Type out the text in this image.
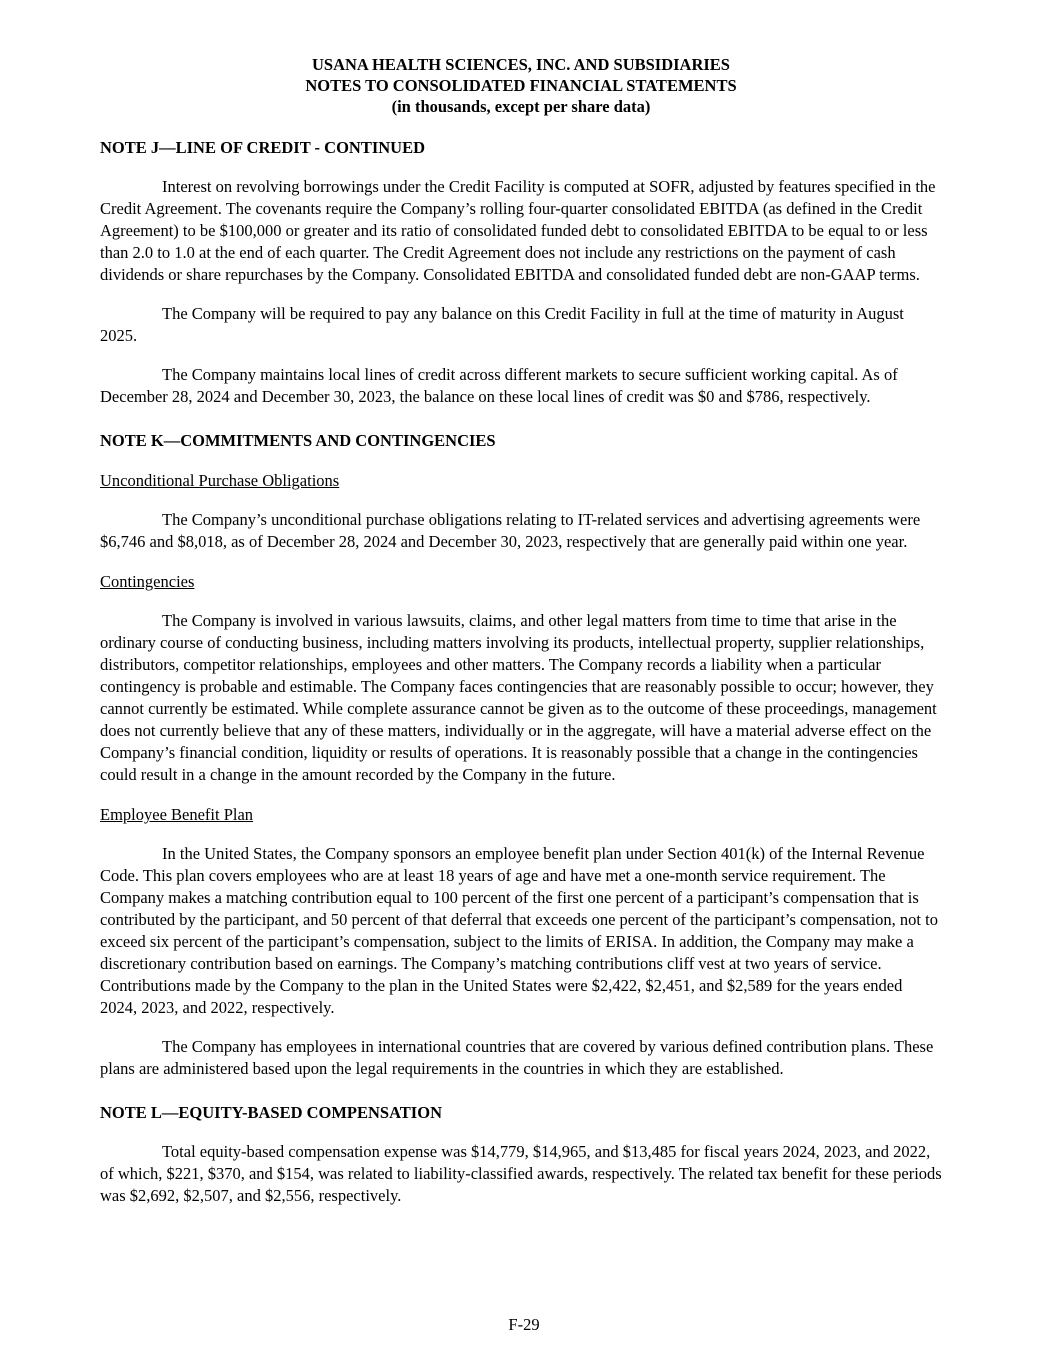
USANA HEALTH SCIENCES, INC. AND SUBSIDIARIES
NOTES TO CONSOLIDATED FINANCIAL STATEMENTS
(in thousands, except per share data)
NOTE J—LINE OF CREDIT - CONTINUED

Interest on revolving borrowings under the Credit Facility is computed at SOFR, adjusted by features specified in the Credit Agreement. The covenants require the Company’s rolling four-quarter consolidated EBITDA (as defined in the Credit Agreement) to be $100,000 or greater and its ratio of consolidated funded debt to consolidated EBITDA to be equal to or less than 2.0 to 1.0 at the end of each quarter. The Credit Agreement does not include any restrictions on the payment of cash dividends or share repurchases by the Company. Consolidated EBITDA and consolidated funded debt are non-GAAP terms.

The Company will be required to pay any balance on this Credit Facility in full at the time of maturity in August 2025.

The Company maintains local lines of credit across different markets to secure sufficient working capital. As of December 28, 2024 and December 30, 2023, the balance on these local lines of credit was $0 and $786, respectively.

NOTE K—COMMITMENTS AND CONTINGENCIES
Unconditional Purchase Obligations

The Company’s unconditional purchase obligations relating to IT-related services and advertising agreements were $6,746 and $8,018, as of December 28, 2024 and December 30, 2023, respectively that are generally paid within one year.

Contingencies

The Company is involved in various lawsuits, claims, and other legal matters from time to time that arise in the ordinary course of conducting business, including matters involving its products, intellectual property, supplier relationships, distributors, competitor relationships, employees and other matters. The Company records a liability when a particular contingency is probable and estimable. The Company faces contingencies that are reasonably possible to occur; however, they cannot currently be estimated. While complete assurance cannot be given as to the outcome of these proceedings, management does not currently believe that any of these matters, individually or in the aggregate, will have a material adverse effect on the Company’s financial condition, liquidity or results of operations. It is reasonably possible that a change in the contingencies could result in a change in the amount recorded by the Company in the future.

Employee Benefit Plan

In the United States, the Company sponsors an employee benefit plan under Section 401(k) of the Internal Revenue Code. This plan covers employees who are at least 18 years of age and have met a one-month service requirement. The Company makes a matching contribution equal to 100 percent of the first one percent of a participant’s compensation that is contributed by the participant, and 50 percent of that deferral that exceeds one percent of the participant’s compensation, not to exceed six percent of the participant’s compensation, subject to the limits of ERISA. In addition, the Company may make a discretionary contribution based on earnings. The Company’s matching contributions cliff vest at two years of service. Contributions made by the Company to the plan in the United States were $2,422, $2,451, and $2,589 for the years ended 2024, 2023, and 2022, respectively.

The Company has employees in international countries that are covered by various defined contribution plans. These plans are administered based upon the legal requirements in the countries in which they are established.

NOTE L—EQUITY-BASED COMPENSATION

Total equity-based compensation expense was $14,779, $14,965, and $13,485 for fiscal years 2024, 2023, and 2022, of which, $221, $370, and $154, was related to liability-classified awards, respectively. The related tax benefit for these periods was $2,692, $2,507, and $2,556, respectively.

F-29
